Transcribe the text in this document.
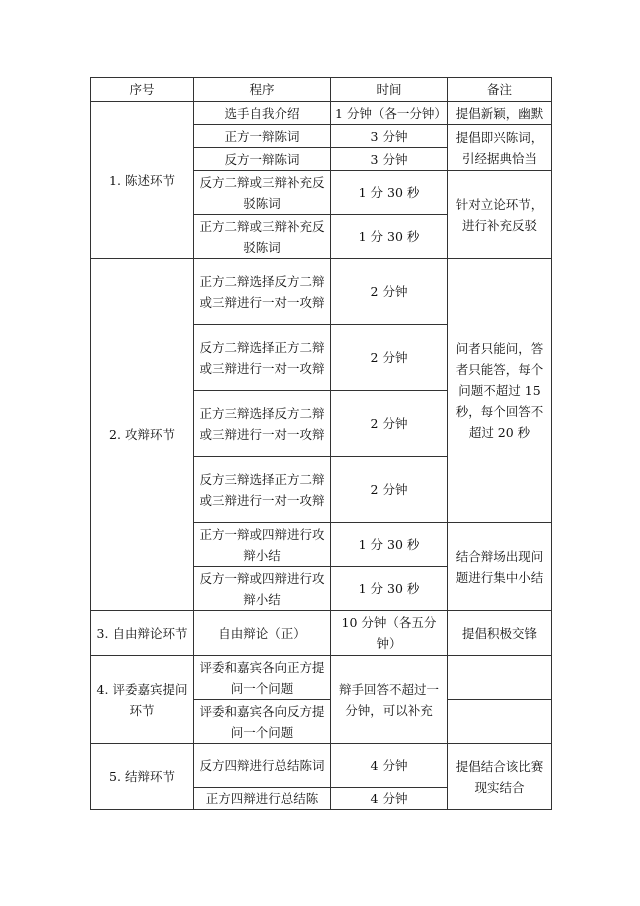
序号	程序	时间	备注
1. 陈述环节	选手自我介绍	1 分钟（各一分钟）	提倡新颖，幽默
	正方一辩陈词	3 分钟	提倡即兴陈词，引经据典恰当
	反方一辩陈词	3 分钟	
	反方二辩或三辩补充反驳陈词	1 分 30 秒	针对立论环节，进行补充反驳
	正方二辩或三辩补充反驳陈词	1 分 30 秒	
2. 攻辩环节	正方二辩选择反方二辩或三辩进行一对一攻辩	2 分钟	问者只能问，答者只能答，每个问题不超过 15 秒，每个回答不超过 20 秒
	反方二辩选择正方二辩或三辩进行一对一攻辩	2 分钟	
	正方三辩选择反方二辩或三辩进行一对一攻辩	2 分钟	
	反方三辩选择正方二辩或三辩进行一对一攻辩	2 分钟	
	正方一辩或四辩进行攻辩小结	1 分 30 秒	结合辩场出现问题进行集中小结
	反方一辩或四辩进行攻辩小结	1 分 30 秒	
3. 自由辩论环节	自由辩论（正）	10 分钟（各五分钟）	提倡积极交锋
4. 评委嘉宾提问环节	评委和嘉宾各向正方提问一个问题	辩手回答不超过一分钟，可以补充	
	评委和嘉宾各向反方提问一个问题		
5. 结辩环节	反方四辩进行总结陈词	4 分钟	提倡结合该比赛现实结合
	正方四辩进行总结陈	4 分钟	
